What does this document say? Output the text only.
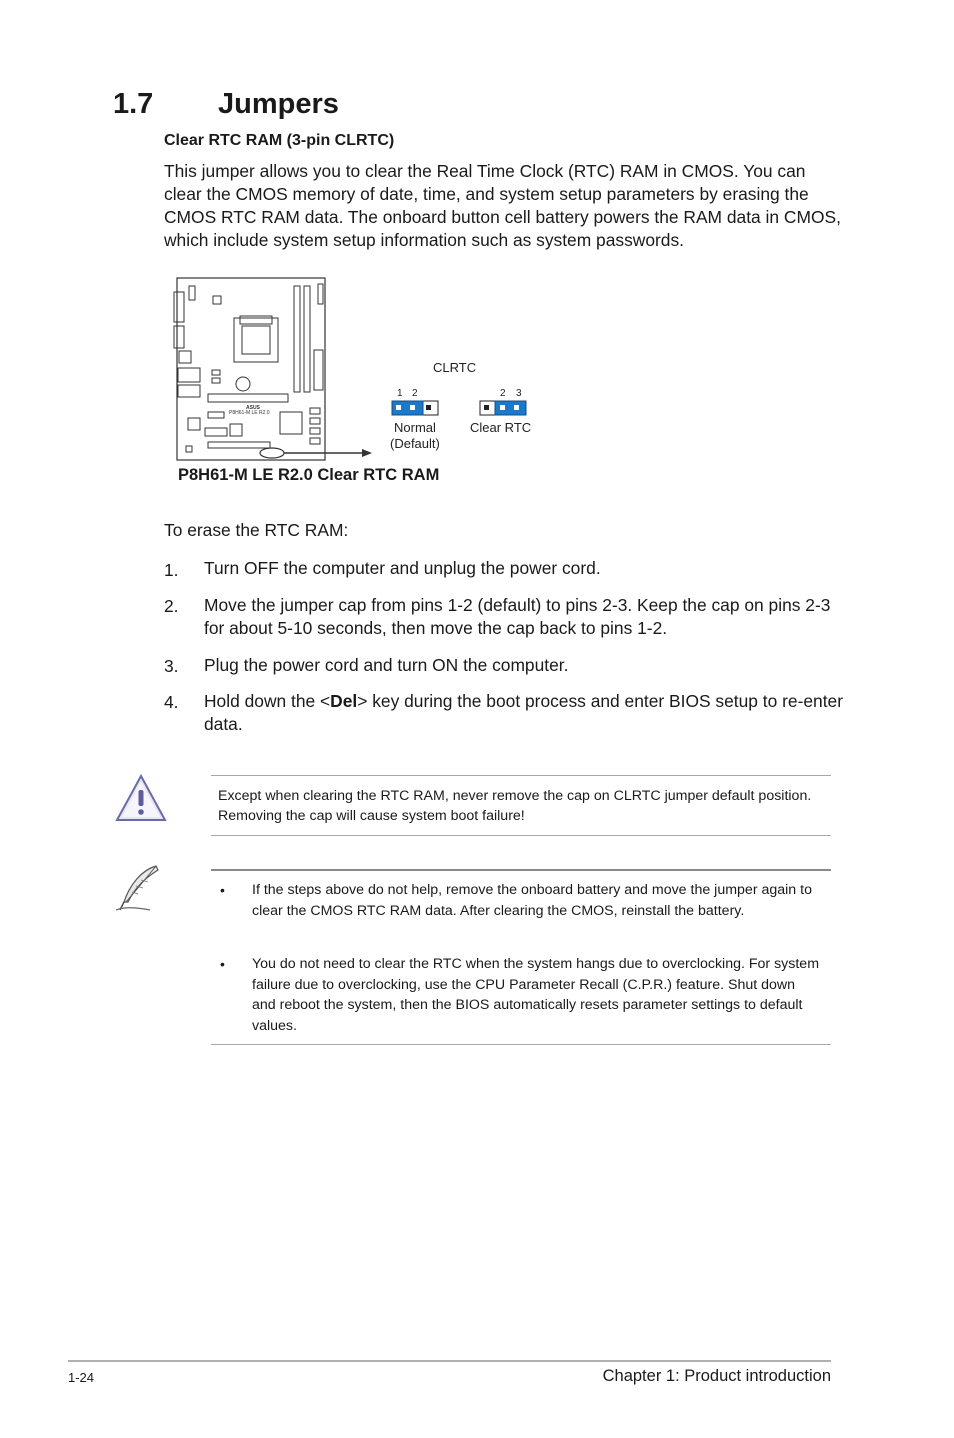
1.7 Jumpers
Clear RTC RAM (3-pin CLRTC)
This jumper allows you to clear the Real Time Clock (RTC) RAM in CMOS. You can clear the CMOS memory of date, time, and system setup parameters by erasing the CMOS RTC RAM data. The onboard button cell battery powers the RAM data in CMOS, which include system setup information such as system passwords.
ASUS
P8H61-M LE R2.0
CLRTC
1 2	2 3
Normal
(Default)
Clear RTC
P8H61-M LE R2.0 Clear RTC RAM
To erase the RTC RAM:
1. Turn OFF the computer and unplug the power cord.
2. Move the jumper cap from pins 1-2 (default) to pins 2-3. Keep the cap on pins 2-3 for about 5-10 seconds, then move the cap back to pins 1-2.
3. Plug the power cord and turn ON the computer.
4. Hold down the <Del> key during the boot process and enter BIOS setup to re-enter data.
Except when clearing the RTC RAM, never remove the cap on CLRTC jumper default position. Removing the cap will cause system boot failure!
• If the steps above do not help, remove the onboard battery and move the jumper again to clear the CMOS RTC RAM data. After clearing the CMOS, reinstall the battery.
• You do not need to clear the RTC when the system hangs due to overclocking. For system failure due to overclocking, use the CPU Parameter Recall (C.P.R.) feature. Shut down and reboot the system, then the BIOS automatically resets parameter settings to default values.
1-24	Chapter 1: Product introduction
